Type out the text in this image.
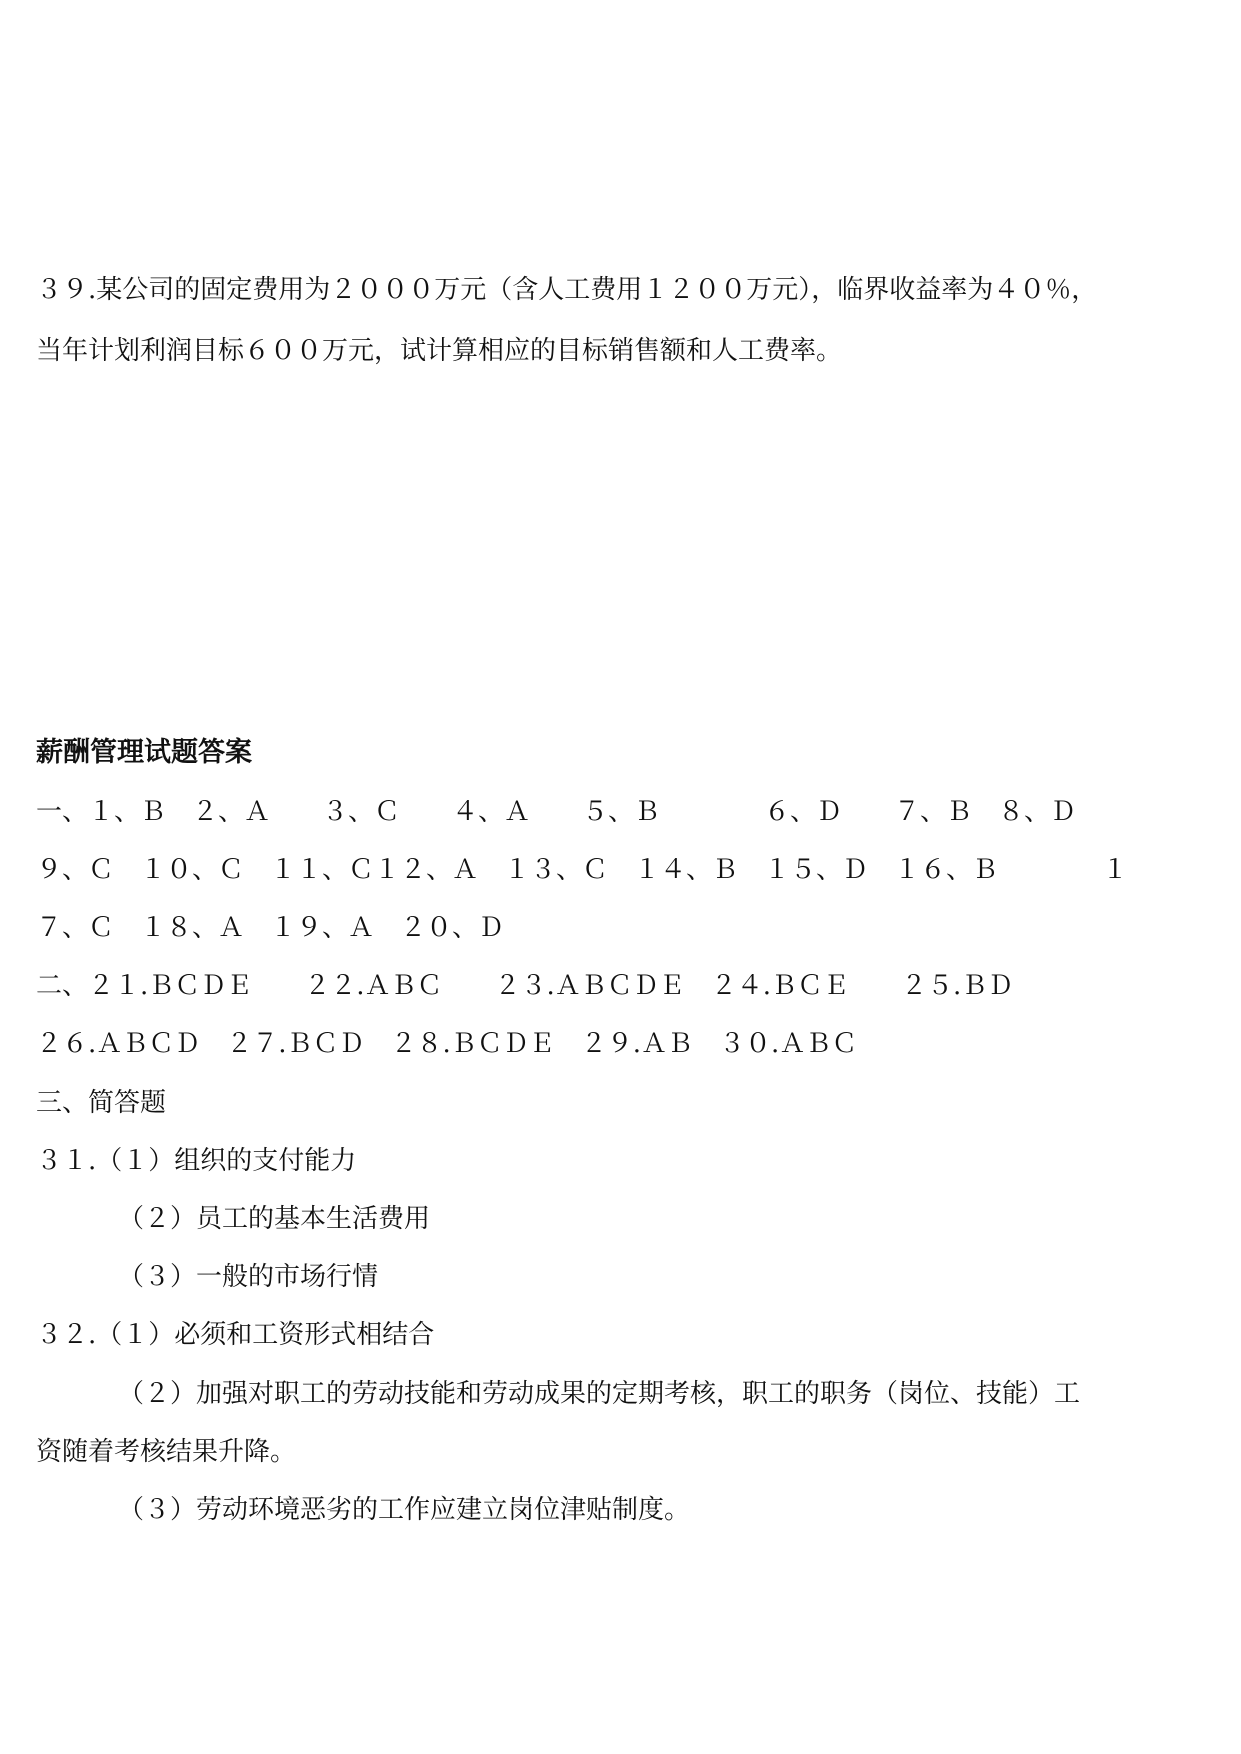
３９.某公司的固定费用为２０００万元（含人工费用１２００万元），临界收益率为４０％，
当年计划利润目标６００万元，试计算相应的目标销售额和人工费率。
薪酬管理试题答案
一、１、Ｂ　２、Ａ　　３、Ｃ　　４、Ａ　　５、Ｂ　　　　６、Ｄ　　７、Ｂ　８、Ｄ
９、Ｃ　１０、Ｃ　１１、Ｃ１２、Ａ　１３、Ｃ　１４、Ｂ　１５、Ｄ　１６、Ｂ　　　　１
７、Ｃ　１８、Ａ　１９、Ａ　２０、Ｄ
二、２１.ＢＣＤＥ　　２２.ＡＢＣ　　２３.ＡＢＣＤＥ　２４.ＢＣＥ　　２５.ＢＤ
２６.ＡＢＣＤ　２７.ＢＣＤ　２８.ＢＣＤＥ　２９.ＡＢ　３０.ＡＢＣ
三、简答题
３１.（１）组织的支付能力
（２）员工的基本生活费用
（３）一般的市场行情
３２.（１）必须和工资形式相结合
（２）加强对职工的劳动技能和劳动成果的定期考核，职工的职务（岗位、技能）工
资随着考核结果升降。
（３）劳动环境恶劣的工作应建立岗位津贴制度。
